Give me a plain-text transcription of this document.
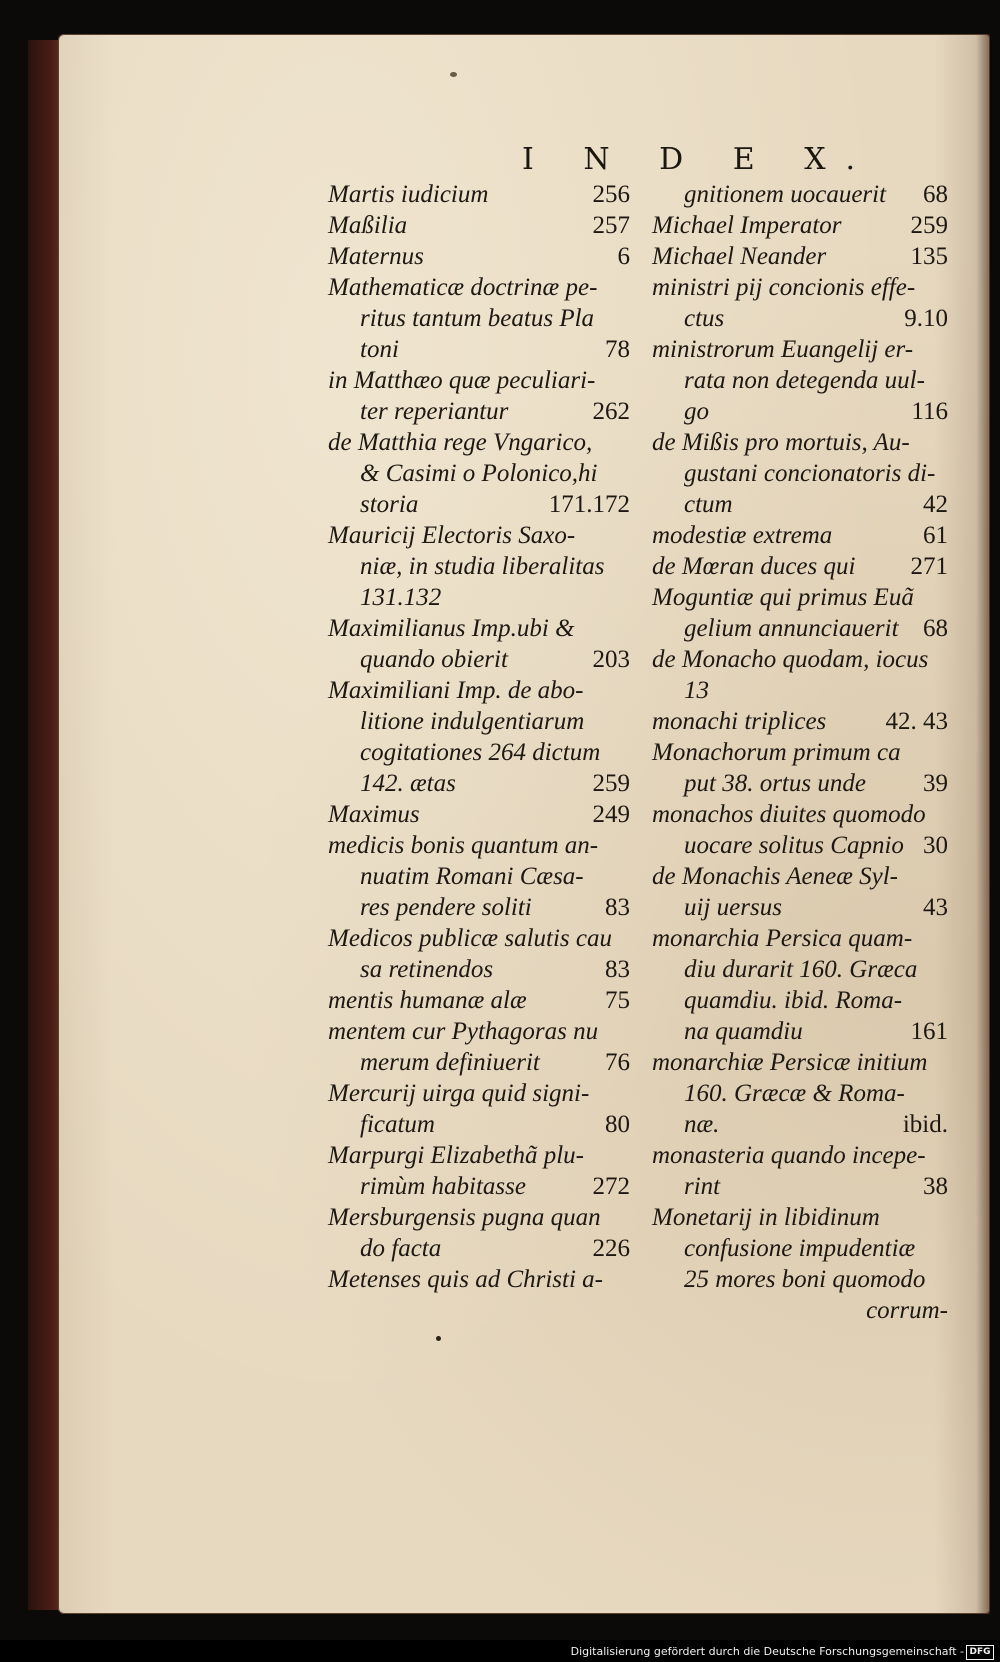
I N D E X.
Martis iudicium	256
Maßilia	257
Maternus	6
Mathematicæ doctrinæ pe-
ritus tantum beatus Pla
toni	78
in Matthæo quæ peculiari-
ter reperiantur	262
de Matthia rege Vngarico,
& Casimi o Polonico,hi
storia	171.172
Mauricij Electoris Saxo-
niæ, in studia liberalitas
131.132
Maximilianus Imp.ubi &
quando obierit	203
Maximiliani Imp. de abo-
litione indulgentiarum
cogitationes 264 dictum
142. ætas	259
Maximus	249
medicis bonis quantum an-
nuatim Romani Cæsa-
res pendere soliti	83
Medicos publicæ salutis cau
sa retinendos	83
mentis humanæ alæ	75
mentem cur Pythagoras nu
merum definiuerit	76
Mercurij uirga quid signi-
ficatum	80
Marpurgi Elizabethã plu-
rimùm habitasse	272
Mersburgensis pugna quan
do facta	226
Metenses quis ad Christi a-
gnitionem uocauerit 68
Michael Imperator	259
Michael Neander	135
ministri pij concionis effe-
ctus	9.10
ministrorum Euangelij er-
rata non detegenda uul-
go	116
de Mißis pro mortuis, Au-
gustani concionatoris di-
ctum	42
modestiæ extrema	61
de Mœran duces qui 271
Moguntiæ qui primus Euã
gelium annunciauerit 68
de Monacho quodam, iocus
13
monachi triplices 42. 43
Monachorum primum ca
put 38. ortus unde 39
monachos diuites quomodo
uocare solitus Capnio 30
de Monachis Aeneæ Syl-
uij uersus	43
monarchia Persica quam-
diu durarit 160. Græca
quamdiu. ibid. Roma-
na quamdiu	161
monarchiæ Persicæ initium
160. Græcæ & Roma-
næ.	ibid.
monasteria quando incepe-
rint	38
Monetarij in libidinum
confusione impudentiæ
25 mores boni quomodo
corrum-
Digitalisierung gefördert durch die Deutsche Forschungsgemeinschaft - DFG
